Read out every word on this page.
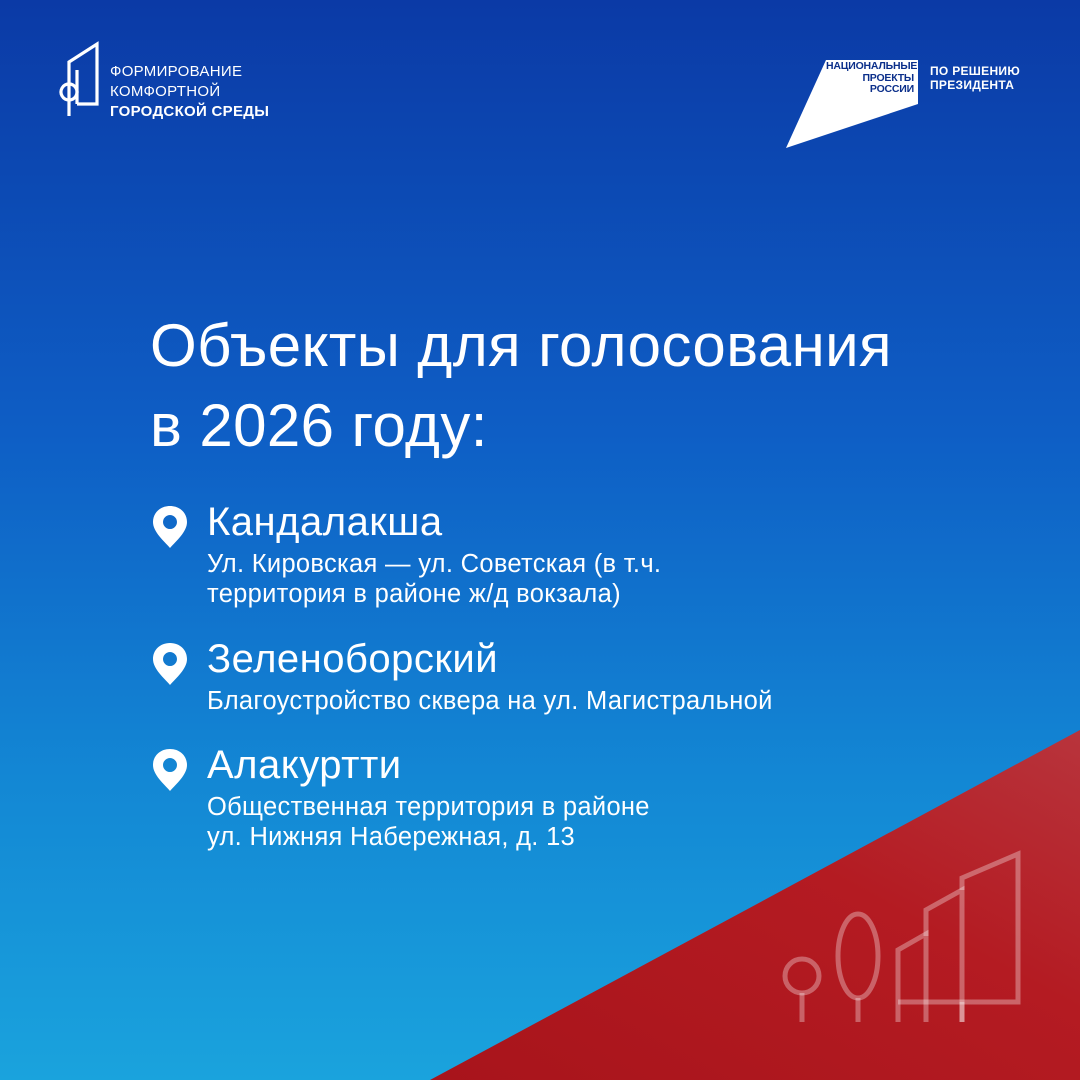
ФОРМИРОВАНИЕ
КОМФОРТНОЙ
ГОРОДСКОЙ СРЕДЫ
НАЦИОНАЛЬНЫЕ
ПРОЕКТЫ
РОССИИ
ПО РЕШЕНИЮ
ПРЕЗИДЕНТА
Объекты для голосования
в 2026 году:
Кандалакша
Ул. Кировская — ул. Советская (в т.ч.
территория в районе ж/д вокзала)
Зеленоборский
Благоустройство сквера на ул. Магистральной
Алакуртти
Общественная территория в районе
ул. Нижняя Набережная, д. 13
